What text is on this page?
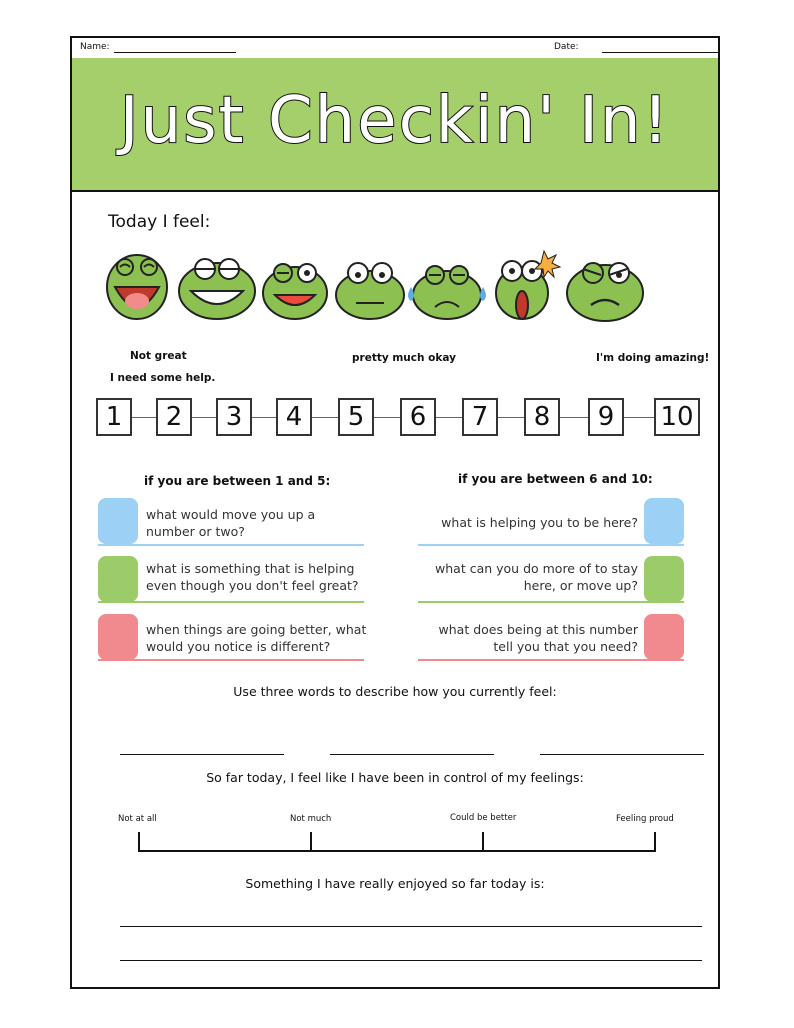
Name:	Date:
Just Checkin' In!
Today I feel:
Not great
I need some help.
pretty much okay	I'm doing amazing!
1	2	3	4	5	6	7	8	9	10
if you are between 1 and 5:	if you are between 6 and 10:
what would move you up a number or two?
what is something that is helping even though you don't feel great?
when things are going better, what would you notice is different?
what is helping you to be here?
what can you do more of to stay here, or move up?
what does being at this number tell you that you need?
Use three words to describe how you currently feel:
So far today, I feel like I have been in control of my feelings:
Not at all	Not much	Could be better	Feeling proud
Something I have really enjoyed so far today is:
